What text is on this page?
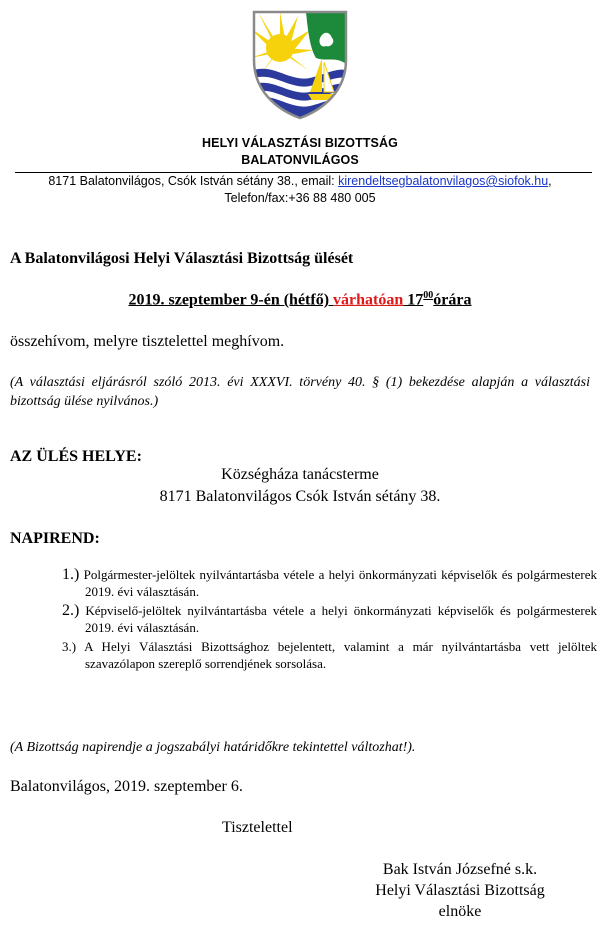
HELYI VÁLASZTÁSI BIZOTTSÁG
BALATONVILÁGOS
8171 Balatonvilágos, Csók István sétány 38., email: kirendeltsegbalatonvilagos@siofok.hu,
Telefon/fax:+36 88 480 005
A Balatonvilágosi Helyi Választási Bizottság ülését
2019. szeptember 9-én (hétfő) várhatóan $17^{00}órára$
összehívom, melyre tisztelettel meghívom.
(A választási eljárásról szóló 2013. évi XXXVI. törvény 40. § (1) bekezdése alapján a választási bizottság ülése nyilvános.)
AZ ÜLÉS HELYE:
Községháza tanácsterme
8171 Balatonvilágos Csók István sétány 38.
NAPIREND:
1.) Polgármester-jelöltek nyilvántartásba vétele a helyi önkormányzati képviselők és polgármesterek 2019. évi választásán.
2.) Képviselő-jelöltek nyilvántartásba vétele a helyi önkormányzati képviselők és polgármesterek 2019. évi választásán.
3.) A Helyi Választási Bizottsághoz bejelentett, valamint a már nyilvántartásba vett jelöltek szavazólapon szereplő sorrendjének sorsolása.
(A Bizottság napirendje a jogszabályi határidőkre tekintettel változhat!).
Balatonvilágos, 2019. szeptember 6.
Tisztelettel
Bak István Józsefné s.k.
Helyi Választási Bizottság
elnöke
